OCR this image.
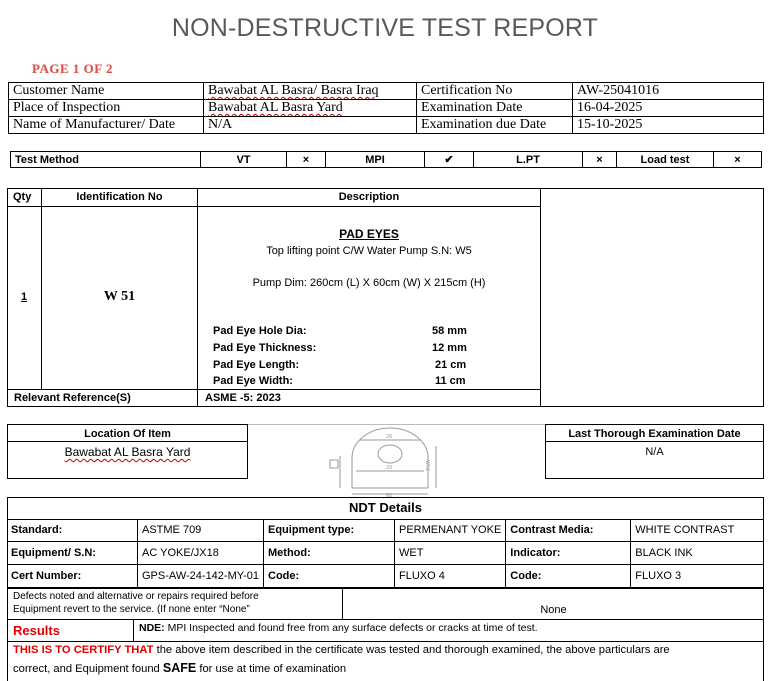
NON-DESTRUCTIVE TEST REPORT
PAGE 1 OF 2
Customer Name	Bawabat AL Basra/ Basra Iraq	Certification No	AW-25041016
Place of Inspection	Bawabat AL Basra Yard	Examination Date	16-04-2025
Name of Manufacturer/ Date	N/A	Examination due Date	15-10-2025
Test Method	VT	×	MPI	✔	L.PT	×	Load test	×
Qty	Identification No	Description
1	W 51
PAD EYES
Top lifting point C/W Water Pump S.N: W5
Pump Dim: 260cm (L) X 60cm (W) X 215cm (H)
Pad Eye Hole Dia:	58 mm
Pad Eye Thickness:	12 mm
Pad Eye Length:	21 cm
Pad Eye Width:	11 cm
Relevant Reference(S)	ASME -5: 2023
Location Of Item
Bawabat AL Basra Yard
Last Thorough Examination Date
N/A
26
20	W51
60
NDT Details
Standard:	ASTME 709	Equipment type:	PERMENANT YOKE	Contrast Media:	WHITE CONTRAST
Equipment/ S.N:	AC YOKE/JX18	Method:	WET	Indicator:	BLACK INK
Cert Number:	GPS-AW-24-142-MY-01	Code:	FLUXO 4	Code:	FLUXO 3
Defects noted and alternative or repairs required before
Equipment revert to the service. (If none enter “None”	None
Results	NDE: MPI Inspected and found free from any surface defects or cracks at time of test.
THIS IS TO CERTIFY THAT the above item described in the certificate was tested and thorough examined, the above particulars are
correct, and Equipment found SAFE for use at time of examination
